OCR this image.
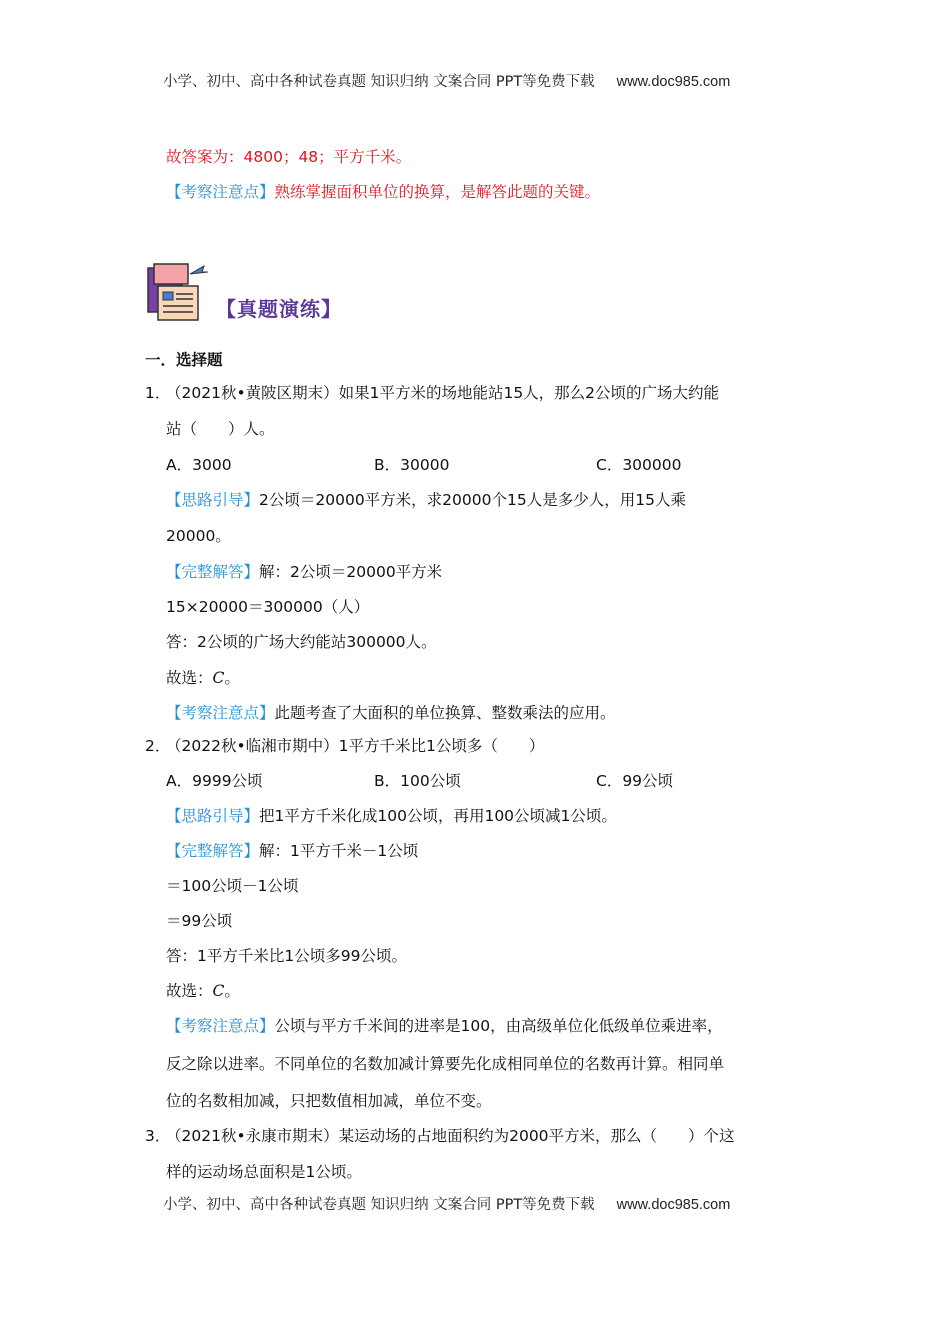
小学、初中、高中各种试卷真题 知识归纳 文案合同 PPT等免费下载 www.doc985.com
故答案为：4800；48；平方千米。
【考察注意点】熟练掌握面积单位的换算，是解答此题的关键。
【真题演练】
一．选择题
1．
（2021秋•黄陂区期末）如果1平方米的场地能站15人，那么2公顷的广场大约能
站（　　）人。
A．3000	B．30000	C．300000
【思路引导】2公顷＝20000平方米，求20000个15人是多少人，用15人乘
20000。
【完整解答】解：2公顷＝20000平方米
15×20000＝300000（人）
答：2公顷的广场大约能站300000人。
故选：C。
【考察注意点】此题考查了大面积的单位换算、整数乘法的应用。
2．
（2022秋•临湘市期中）1平方千米比1公顷多（　　）
A．9999公顷	B．100公顷	C．99公顷
【思路引导】把1平方千米化成100公顷，再用100公顷减1公顷。
【完整解答】解：1平方千米－1公顷
＝100公顷－1公顷
＝99公顷
答：1平方千米比1公顷多99公顷。
故选：C。
【考察注意点】公顷与平方千米间的进率是100，由高级单位化低级单位乘进率，
反之除以进率。不同单位的名数加减计算要先化成相同单位的名数再计算。相同单
位的名数相加减，只把数值相加减，单位不变。
3．
（2021秋•永康市期末）某运动场的占地面积约为2000平方米，那么（　　）个这
样的运动场总面积是1公顷。
小学、初中、高中各种试卷真题 知识归纳 文案合同 PPT等免费下载 www.doc985.com
